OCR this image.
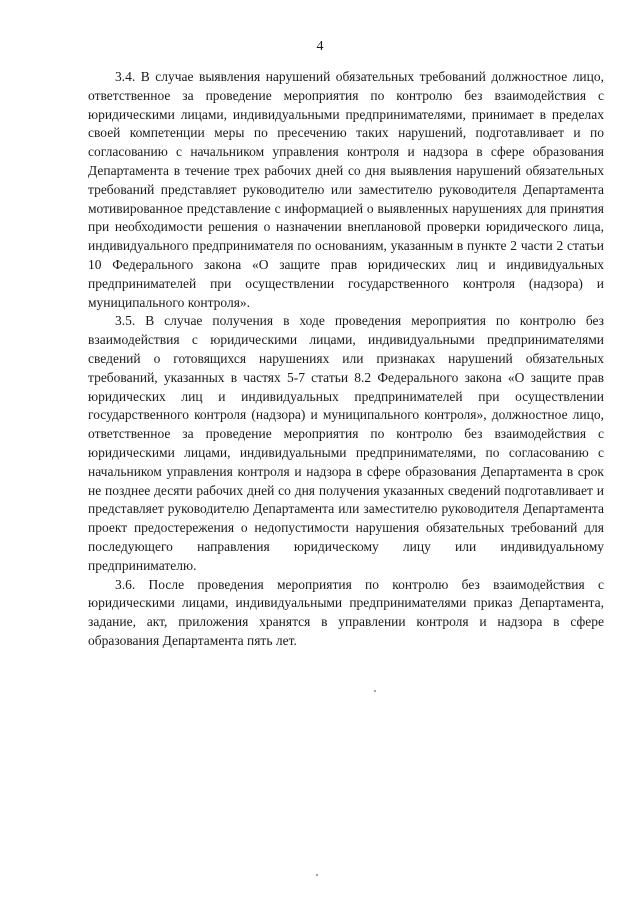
4

3.4. В случае выявления нарушений обязательных требований должностное лицо, ответственное за проведение мероприятия по контролю без взаимодействия с юридическими лицами, индивидуальными предпринимателями, принимает в пределах своей компетенции меры по пресечению таких нарушений, подготавливает и по согласованию с начальником управления контроля и надзора в сфере образования Департамента в течение трех рабочих дней со дня выявления нарушений обязательных требований представляет руководителю или заместителю руководителя Департамента мотивированное представление с информацией о выявленных нарушениях для принятия при необходимости решения о назначении внеплановой проверки юридического лица, индивидуального предпринимателя по основаниям, указанным в пункте 2 части 2 статьи 10 Федерального закона «О защите прав юридических лиц и индивидуальных предпринимателей при осуществлении государственного контроля (надзора) и муниципального контроля».

3.5. В случае получения в ходе проведения мероприятия по контролю без взаимодействия с юридическими лицами, индивидуальными предпринимателями сведений о готовящихся нарушениях или признаках нарушений обязательных требований, указанных в частях 5-7 статьи 8.2 Федерального закона «О защите прав юридических лиц и индивидуальных предпринимателей при осуществлении государственного контроля (надзора) и муниципального контроля», должностное лицо, ответственное за проведение мероприятия по контролю без взаимодействия с юридическими лицами, индивидуальными предпринимателями, по согласованию с начальником управления контроля и надзора в сфере образования Департамента в срок не позднее десяти рабочих дней со дня получения указанных сведений подготавливает и представляет руководителю Департамента или заместителю руководителя Департамента проект предостережения о недопустимости нарушения обязательных требований для последующего направления юридическому лицу или индивидуальному предпринимателю.

3.6. После проведения мероприятия по контролю без взаимодействия с юридическими лицами, индивидуальными предпринимателями приказ Департамента, задание, акт, приложения хранятся в управлении контроля и надзора в сфере образования Департамента пять лет.
